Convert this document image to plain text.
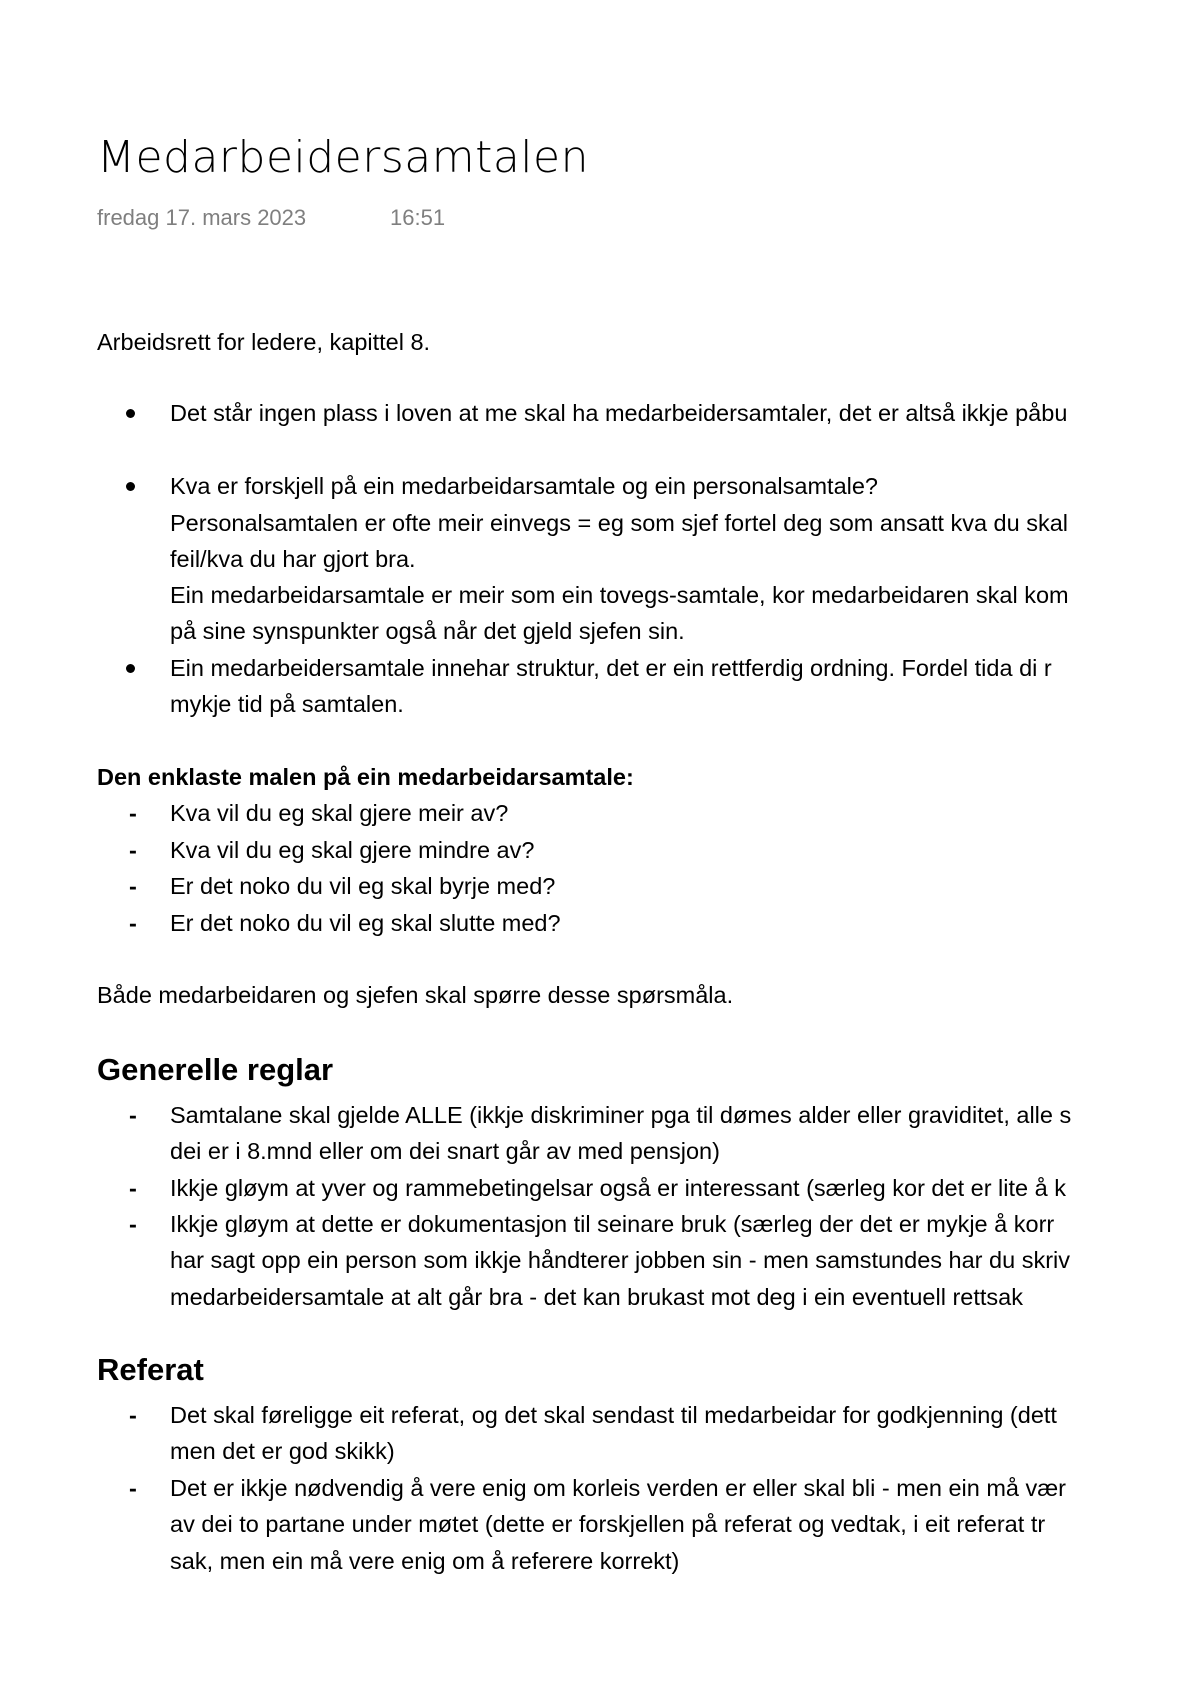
Medarbeidersamtalen
fredag 17. mars 2023	16:51
Arbeidsrett for ledere, kapittel 8.
Det står ingen plass i loven at me skal ha medarbeidersamtaler, det er altså ikkje påbu
Kva er forskjell på ein medarbeidarsamtale og ein personalsamtale?
Personalsamtalen er ofte meir einvegs = eg som sjef fortel deg som ansatt kva du skal
feil/kva du har gjort bra.
Ein medarbeidarsamtale er meir som ein tovegs-samtale, kor medarbeidaren skal kom
på sine synspunkter også når det gjeld sjefen sin.
Ein medarbeidersamtale innehar struktur, det er ein rettferdig ordning. Fordel tida di r
mykje tid på samtalen.
Den enklaste malen på ein medarbeidarsamtale:
- Kva vil du eg skal gjere meir av?
- Kva vil du eg skal gjere mindre av?
- Er det noko du vil eg skal byrje med?
- Er det noko du vil eg skal slutte med?
Både medarbeidaren og sjefen skal spørre desse spørsmåla.
Generelle reglar
- Samtalane skal gjelde ALLE (ikkje diskriminer pga til dømes alder eller graviditet, alle s
dei er i 8.mnd eller om dei snart går av med pensjon)
- Ikkje gløym at yver og rammebetingelsar også er interessant (særleg kor det er lite å k
- Ikkje gløym at dette er dokumentasjon til seinare bruk (særleg der det er mykje å korr
har sagt opp ein person som ikkje håndterer jobben sin - men samstundes har du skriv
medarbeidersamtale at alt går bra - det kan brukast mot deg i ein eventuell rettsak
Referat
- Det skal føreligge eit referat, og det skal sendast til medarbeidar for godkjenning (dett
men det er god skikk)
- Det er ikkje nødvendig å vere enig om korleis verden er eller skal bli - men ein må vær
av dei to partane under møtet (dette er forskjellen på referat og vedtak, i eit referat tr
sak, men ein må vere enig om å referere korrekt)
